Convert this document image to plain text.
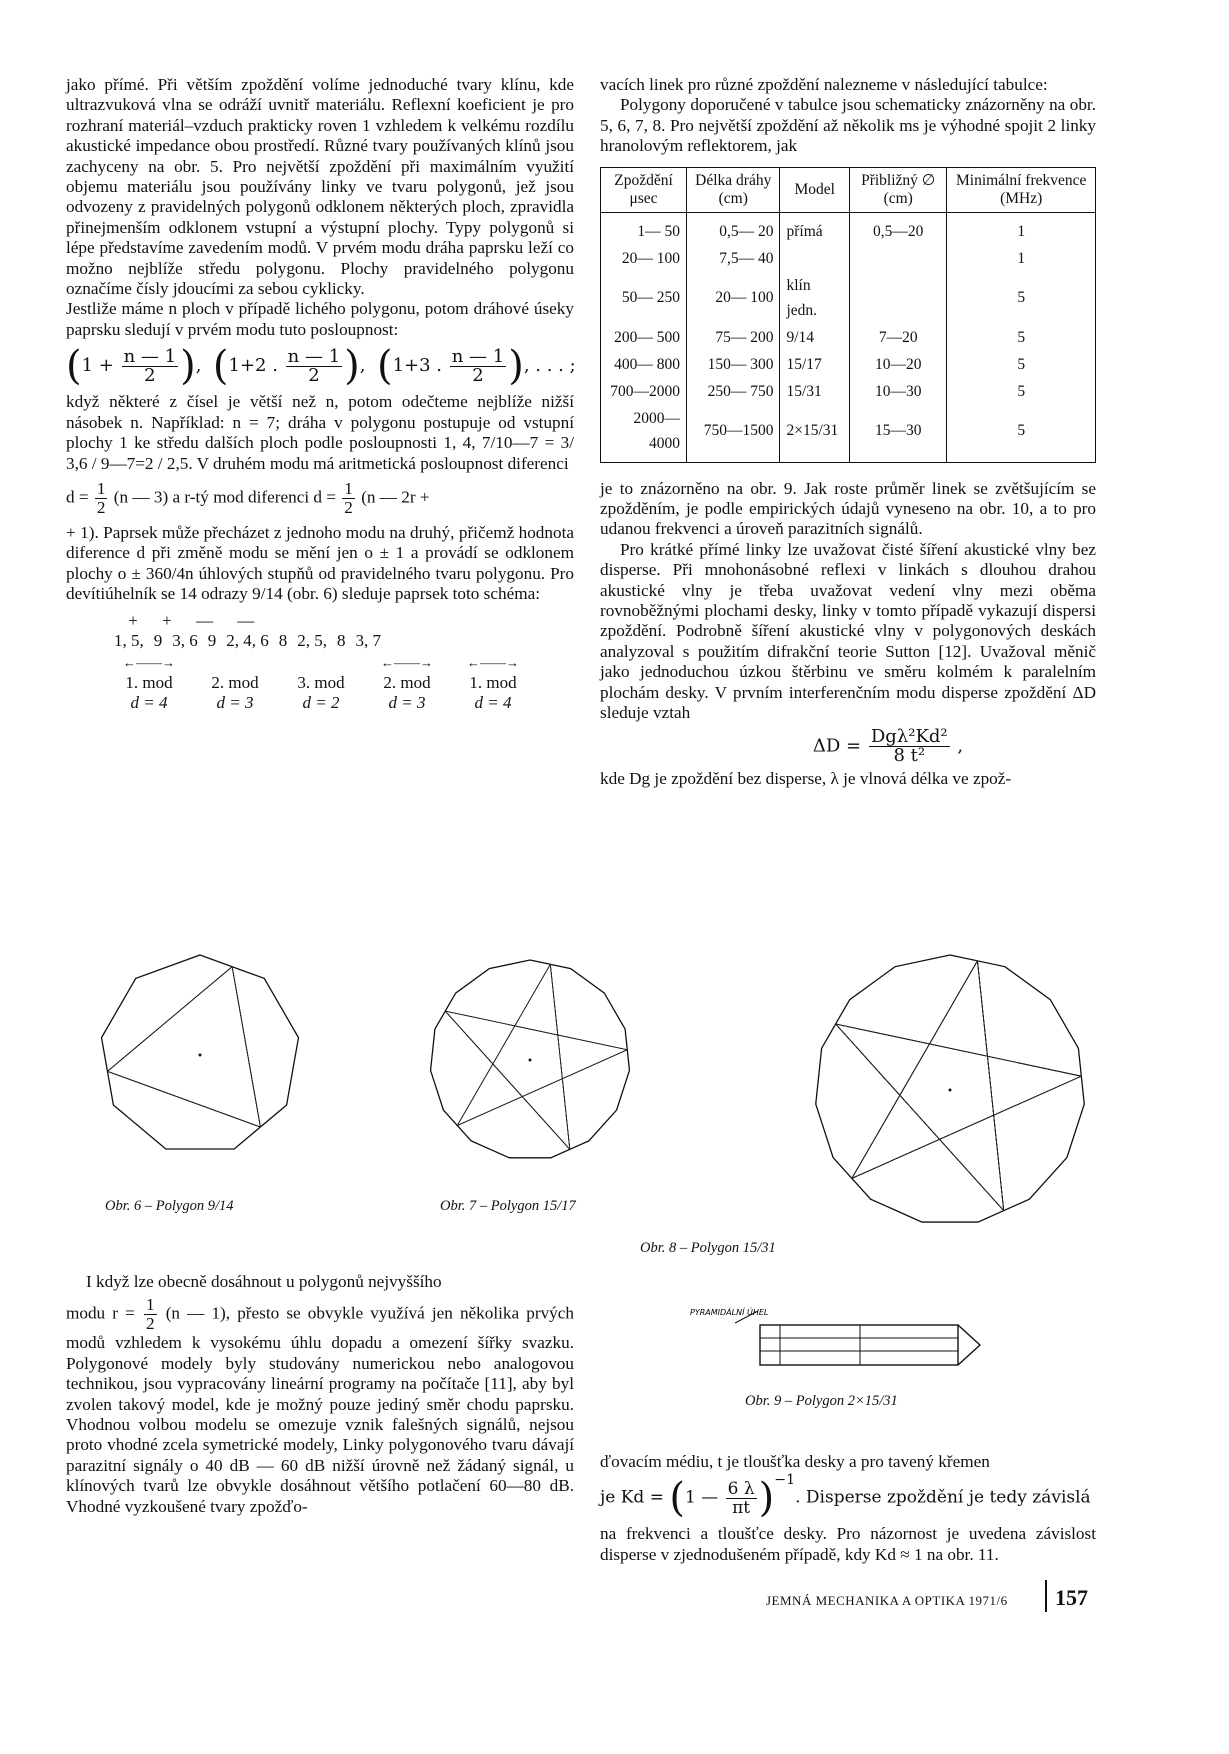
jako přímé. Při větším zpoždění volíme jednoduché tvary klínu, kde ultrazvuková vlna se odráží uvnitř materiálu. Reflexní koeficient je pro rozhraní materiál–vzduch prakticky roven 1 vzhledem k velkému rozdílu akustické impedance obou prostředí. Různé tvary používaných klínů jsou zachyceny na obr. 5. Pro největší zpoždění při maximálním využití objemu materiálu jsou používány linky ve tvaru polygonů, jež jsou odvozeny z pravidelných polygonů odklonem některých ploch, zpravidla přinejmenším odklonem vstupní a výstupní plochy. Typy polygonů si lépe představíme zavedením modů. V prvém modu dráha paprsku leží co možno nejblíže středu polygonu. Plochy pravidelného polygonu označíme čísly jdoucími za sebou cyklicky.

Jestliže máme n ploch v případě lichého polygonu, potom dráhové úseky paprsku sledují v prvém modu tuto posloupnost:

($1 + \frac{n — 1}{2}$ ),  (1+2 . $\frac{n — 1}{2}$ ),  (1+3 . $\frac{n — 1}{2}$ ), . . . ;

když některé z čísel je větší než n, potom odečteme nejblíže nižší násobek n. Například: n = 7; dráha v polygonu postupuje od vstupní plochy 1 ke středu dalších ploch podle posloupnosti 1, 4, 7/10—7 = 3/ 3,6 / 9—7=2 / 2,5. V druhém modu má aritmetická posloupnost diferenci

$d = \frac{1}{2} (n$ — 3) a r-tý mod diferenci $d = \frac{1}{2} (n$ — 2r +

+ 1). Paprsek může přecházet z jednoho modu na druhý, přičemž hodnota diference d při změně modu se mění jen o ± 1 a provádí se odklonem plochy o ± 360/4n úhlových stupňů od pravidelného tvaru polygonu. Pro devítiúhelník se 14 odrazy 9/14 (obr. 6) sleduje paprsek toto schéma:

+
+
—
—

1, 5, 9 3, 6 9 2, 4, 6 8 2, 5, 8 3, 7
←——→	←——→	←——→
1. mod	2. mod	3. mod	2. mod	1. mod
d = 4	d = 3	d = 2	d = 3	d = 4

vacích linek pro různé zpoždění nalezneme v následující tabulce:

Polygony doporučené v tabulce jsou schematicky znázorněny na obr. 5, 6, 7, 8. Pro největší zpoždění až několik ms je výhodné spojit 2 linky hranolovým reflektorem, jak

Zpoždění μsec	Délka dráhy (cm)	Model	Přibližný ∅ (cm)	Minimální frekvence (MHz)
1— 50	0,5— 20	přímá	0,5—20	1
20— 100	7,5— 40			1
50— 250	20— 100	klín jedn.		5
200— 500	75— 200	9/14	7—20	5
400— 800	150— 300	15/17	10—20	5
700—2000	250— 750	15/31	10—30	5
2000—4000	750—1500	2×15/31	15—30	5

je to znázorněno na obr. 9. Jak roste průměr linek se zvětšujícím se zpožděním, je podle empirických údajů vyneseno na obr. 10, a to pro udanou frekvenci a úroveň parazitních signálů.

Pro krátké přímé linky lze uvažovat čisté šíření akustické vlny bez disperse. Při mnohonásobné reflexi v linkách s dlouhou drahou akustické vlny je třeba uvažovat vedení vlny mezi oběma rovnoběžnými plochami desky, linky v tomto případě vykazují dispersi zpoždění. Podrobně šíření akustické vlny v polygonových deskách analyzoval s použitím difrakční teorie Sutton [12]. Uvažoval měnič jako jednoduchou úzkou štěrbinu ve směru kolmém k paralelním plochám desky. V prvním interferenčním modu disperse zpoždění ΔD sleduje vztah

$\Delta D = \frac{\text{Dgλ²Kd²}}{\text{8 t²}}$ ,

kde Dg je zpoždění bez disperse, λ je vlnová délka ve zpož-

Obr. 6 – Polygon 9/14	Obr. 7 – Polygon 15/17
Obr. 8 – Polygon 15/31
PYRAMIDÁLNÍ ÚHEL
Obr. 9 – Polygon 2×15/31

I když lze obecně dosáhnout u polygonů nejvyššího

modu $r = \frac{1}{2} (n$ — 1), přesto se obvykle využívá jen několika prvých modů vzhledem k vysokému úhlu dopadu a omezení šířky svazku. Polygonové modely byly studovány numerickou nebo analogovou technikou, jsou vypracovány lineární programy na počítače [11], aby byl zvolen takový model, kde je možný pouze jediný směr chodu paprsku. Vhodnou volbou modelu se omezuje vznik falešných signálů, nejsou proto vhodné zcela symetrické modely, Linky polygonového tvaru dávají parazitní signály o 40 dB — 60 dB nižší úrovně než žádaný signál, u klínových tvarů lze obvykle dosáhnout většího potlačení 60—80 dB. Vhodné vyzkoušené tvary zpožďo-

ďovacím médiu, t je tloušťka desky a pro tavený křemen

je Kd = (1 — $\frac{6 \lambda}{\pi t} )^{-1}$. Disperse zpoždění je tedy závislá

na frekvenci a tloušťce desky. Pro názornost je uvedena závislost disperse v zjednodušeném případě, kdy Kd ≈ 1 na obr. 11.

JEMNÁ MECHANIKA A OPTIKA 1971/6 157
